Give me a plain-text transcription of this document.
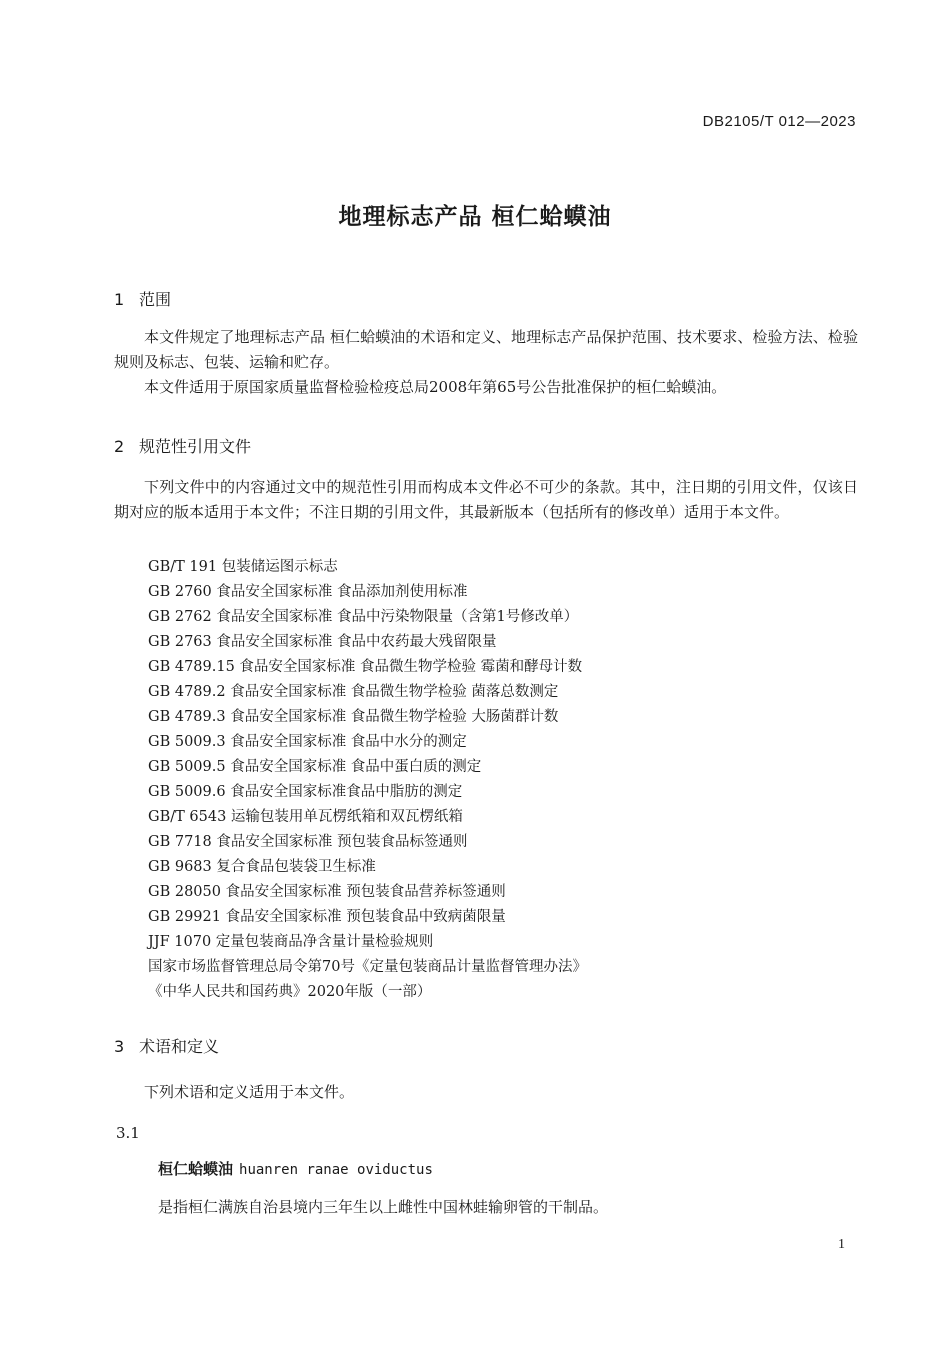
DB2105/T 012—2023
地理标志产品 桓仁蛤蟆油
1 范围
本文件规定了地理标志产品 桓仁蛤蟆油的术语和定义、地理标志产品保护范围、技术要求、检验方法、检验规则及标志、包装、运输和贮存。
本文件适用于原国家质量监督检验检疫总局2008年第65号公告批准保护的桓仁蛤蟆油。
2 规范性引用文件
下列文件中的内容通过文中的规范性引用而构成本文件必不可少的条款。其中，注日期的引用文件，仅该日期对应的版本适用于本文件；不注日期的引用文件，其最新版本（包括所有的修改单）适用于本文件。
GB/T 191 包装储运图示标志
GB 2760 食品安全国家标准 食品添加剂使用标准
GB 2762 食品安全国家标准 食品中污染物限量（含第1号修改单）
GB 2763 食品安全国家标准 食品中农药最大残留限量
GB 4789.15 食品安全国家标准 食品微生物学检验 霉菌和酵母计数
GB 4789.2 食品安全国家标准 食品微生物学检验 菌落总数测定
GB 4789.3 食品安全国家标准 食品微生物学检验 大肠菌群计数
GB 5009.3 食品安全国家标准 食品中水分的测定
GB 5009.5 食品安全国家标准 食品中蛋白质的测定
GB 5009.6 食品安全国家标准食品中脂肪的测定
GB/T 6543 运输包装用单瓦楞纸箱和双瓦楞纸箱
GB 7718 食品安全国家标准 预包装食品标签通则
GB 9683 复合食品包装袋卫生标准
GB 28050 食品安全国家标准 预包装食品营养标签通则
GB 29921 食品安全国家标准 预包装食品中致病菌限量
JJF 1070 定量包装商品净含量计量检验规则
国家市场监督管理总局令第70号《定量包装商品计量监督管理办法》
《中华人民共和国药典》2020年版（一部）
3 术语和定义
下列术语和定义适用于本文件。
3.1
桓仁蛤蟆油 huanren ranae oviductus
是指桓仁满族自治县境内三年生以上雌性中国林蛙输卵管的干制品。
1
